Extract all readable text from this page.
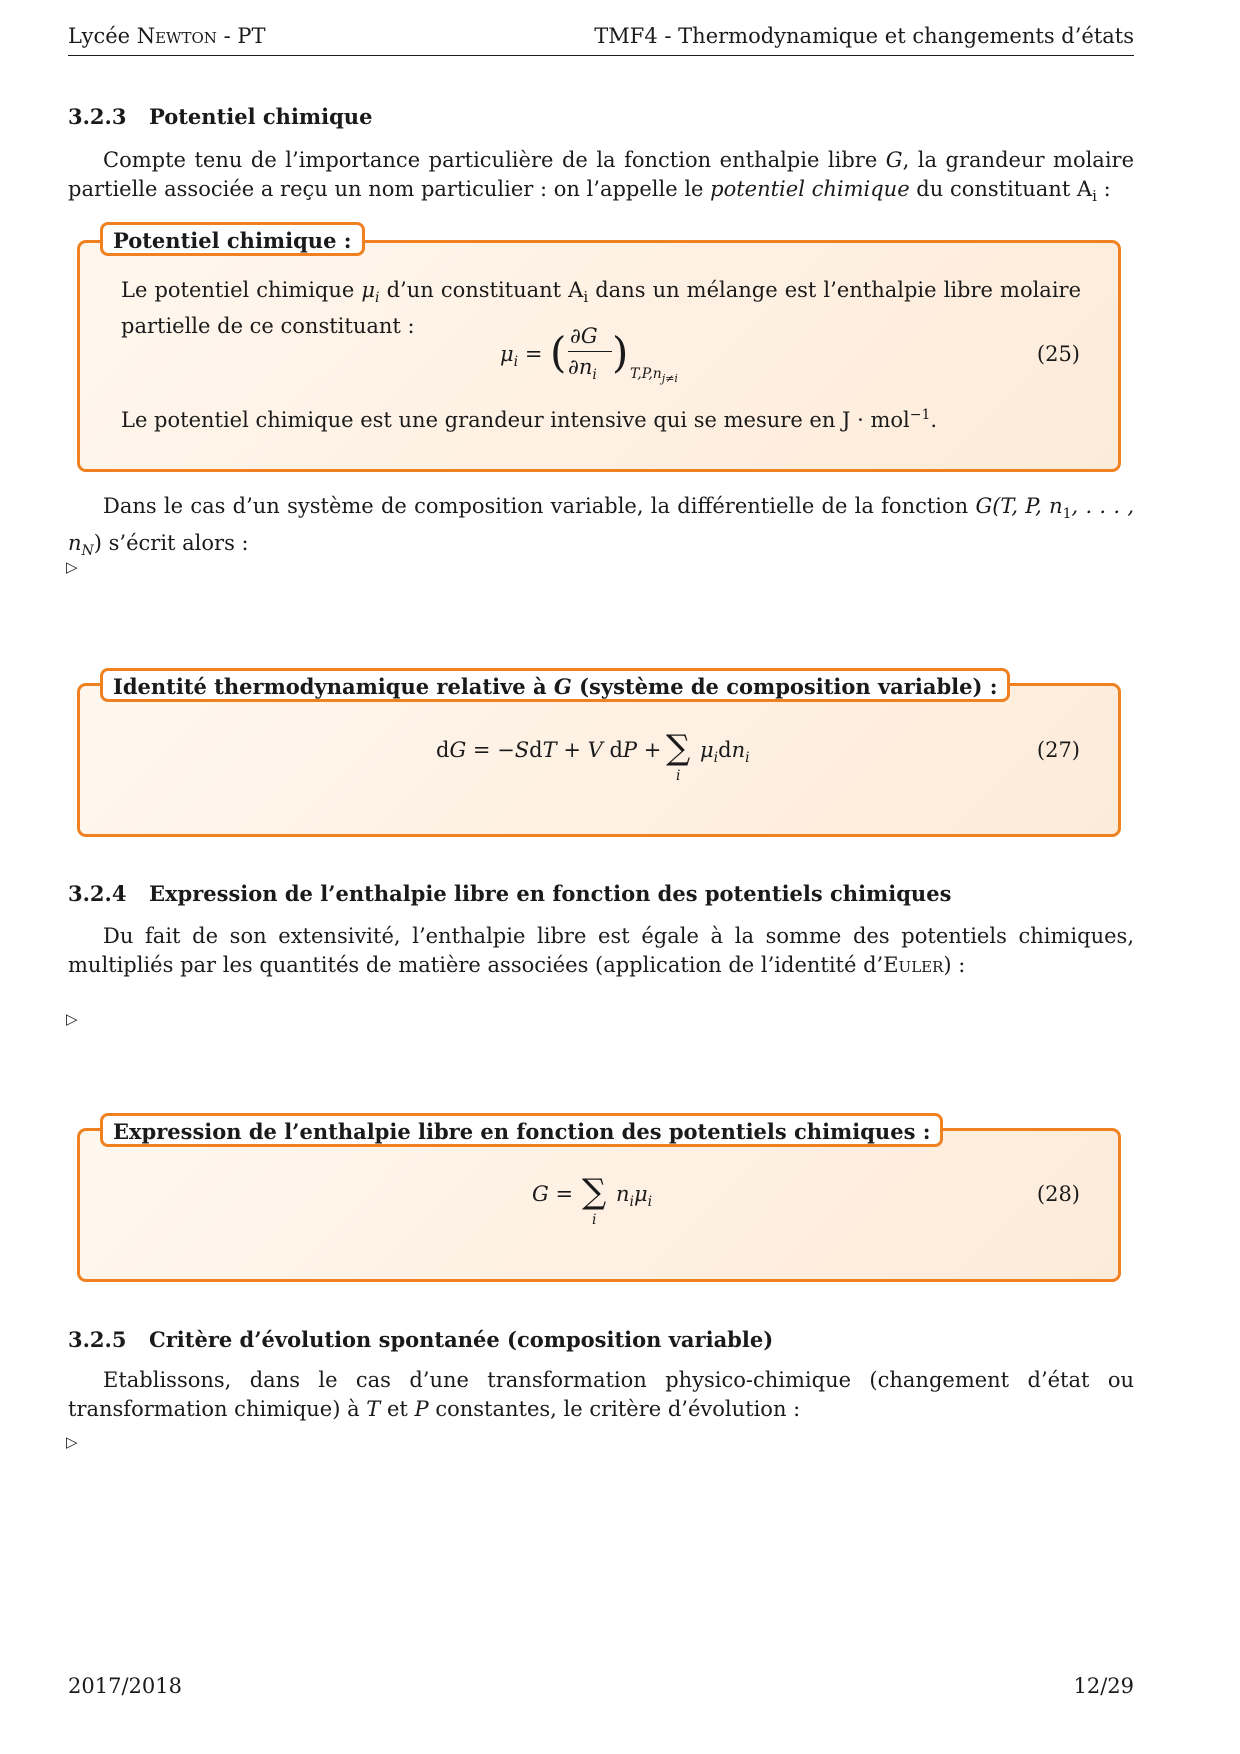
Lycée Newton - PT	TMF4 - Thermodynamique et changements d’états
3.2.3 Potentiel chimique
Compte tenu de l’importance particulière de la fonction enthalpie libre G, la grandeur molaire partielle associée a reçu un nom particulier : on l’appelle le potentiel chimique du constituant $A_i$ :
Potentiel chimique :
Le potentiel chimique $\mu_i$ d’un constituant $A_i$ dans un mélange est l’enthalpie libre molaire partielle de ce constituant :
$\mu_i$ = ( ∂G
$\partial n_i$ ) $T,P,n_{j\ne i}$
(25)
Le potentiel chimique est une grandeur intensive qui se mesure en J · mol$^{-1}$.
Dans le cas d’un système de composition variable, la différentielle de la fonction G(T, P, $n_1$, . . . , $n_N$) s’écrit alors :
▷
Identité thermodynamique relative à G (système de composition variable) :
dG = −SdT + V dP + ∑
i
$\mu_idn_i$	(27)
3.2.4 Expression de l’enthalpie libre en fonction des potentiels chimiques
Du fait de son extensivité, l’enthalpie libre est égale à la somme des potentiels chimiques, multipliés par les quantités de matière associées (application de l’identité d’Euler) :
▷
Expression de l’enthalpie libre en fonction des potentiels chimiques :
G = ∑
i
$n_i\mu_i$	(28)
3.2.5 Critère d’évolution spontanée (composition variable)
Etablissons, dans le cas d’une transformation physico-chimique (changement d’état ou transformation chimique) à T et P constantes, le critère d’évolution :
▷
2017/2018	12/29
